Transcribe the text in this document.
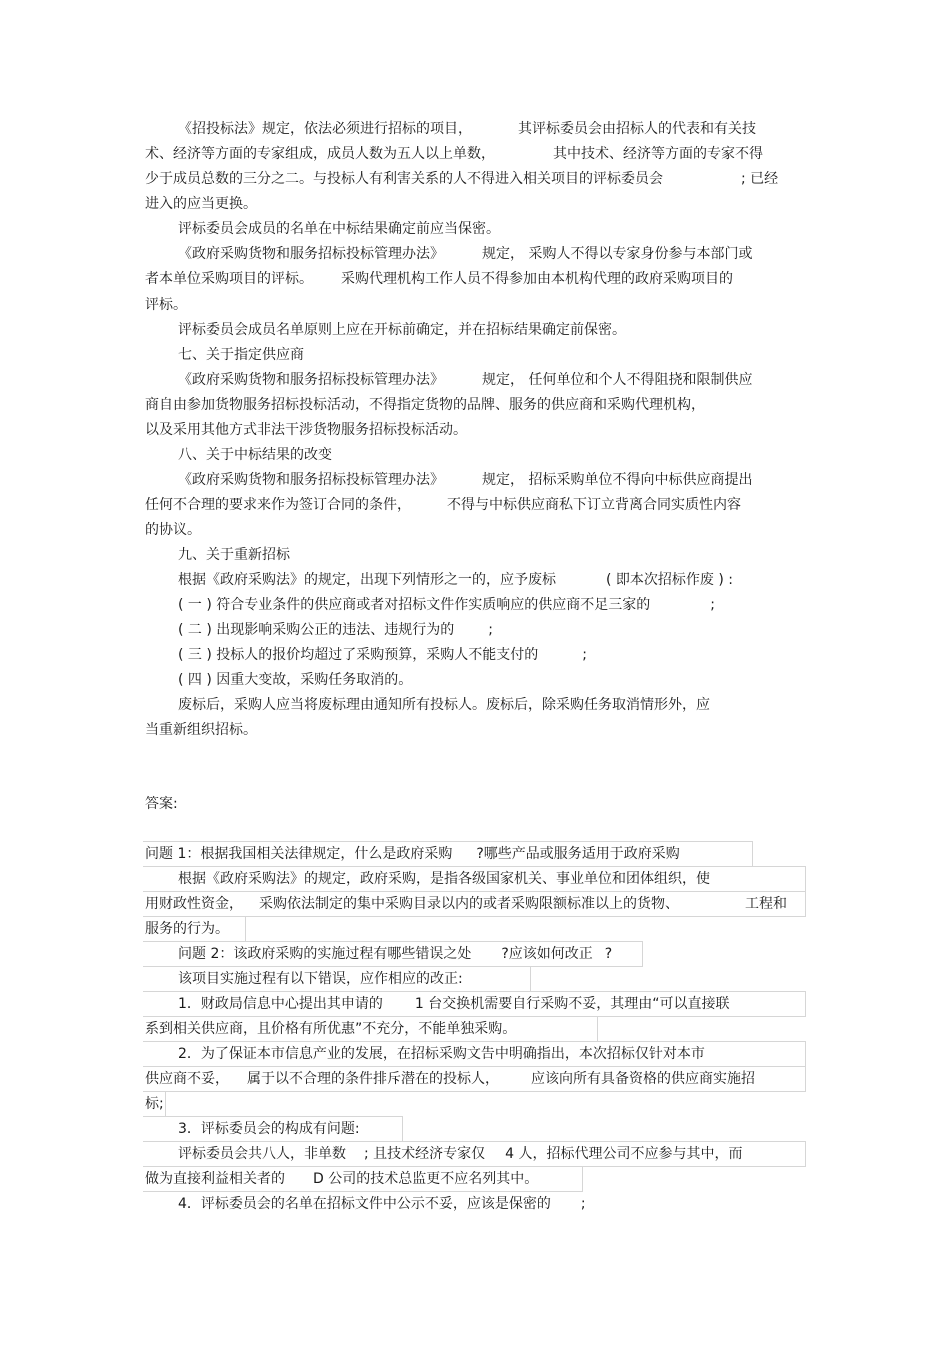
《招投标法》规定，依法必须进行招标的项目，	其评标委员会由招标人的代表和有关技
术、经济等方面的专家组成，成员人数为五人以上单数，	其中技术、经济等方面的专家不得
少于成员总数的三分之二。与投标人有利害关系的人不得进入相关项目的评标委员会	; 已经
进入的应当更换。
评标委员会成员的名单在中标结果确定前应当保密。
《政府采购货物和服务招标投标管理办法》	规定， 采购人不得以专家身份参与本部门或
者本单位采购项目的评标。 采购代理机构工作人员不得参加由本机构代理的政府采购项目的
评标。
评标委员会成员名单原则上应在开标前确定，并在招标结果确定前保密。
七、关于指定供应商
《政府采购货物和服务招标投标管理办法》	规定， 任何单位和个人不得阻挠和限制供应
商自由参加货物服务招标投标活动，不得指定货物的品牌、服务的供应商和采购代理机构，
以及采用其他方式非法干涉货物服务招标投标活动。
八、关于中标结果的改变
《政府采购货物和服务招标投标管理办法》	规定， 招标采购单位不得向中标供应商提出
任何不合理的要求来作为签订合同的条件，	不得与中标供应商私下订立背离合同实质性内容
的协议。
九、关于重新招标
根据《政府采购法》的规定，出现下列情形之一的，应予废标	( 即本次招标作废 ) :
( 一 ) 符合专业条件的供应商或者对招标文件作实质响应的供应商不足三家的	;
( 二 ) 出现影响采购公正的违法、违规行为的 ;
( 三 ) 投标人的报价均超过了采购预算，采购人不能支付的	;
( 四 ) 因重大变故，采购任务取消的。
废标后，采购人应当将废标理由通知所有投标人。废标后，除采购任务取消情形外，应
当重新组织招标。
答案:
问题 1：根据我国相关法律规定，什么是政府采购 ?哪些产品或服务适用于政府采购
根据《政府采购法》的规定，政府采购，是指各级国家机关、事业单位和团体组织，使
用财政性资金， 采购依法制定的集中采购目录以内的或者采购限额标准以上的货物、	工程和
服务的行为。
问题 2：该政府采购的实施过程有哪些错误之处 ?应该如何改正 ?
该项目实施过程有以下错误，应作相应的改正:
1．财政局信息中心提出其申请的 1 台交换机需要自行采购不妥，其理由“可以直接联
系到相关供应商，且价格有所优惠”不充分，不能单独采购。
2．为了保证本市信息产业的发展，在招标采购文告中明确指出，本次招标仅针对本市
供应商不妥， 属于以不合理的条件排斥潜在的投标人， 应该向所有具备资格的供应商实施招
标;
3．评标委员会的构成有问题:
评标委员会共八人，非单数 ; 且技术经济专家仅 4 人，招标代理公司不应参与其中，而
做为直接利益相关者的 D 公司的技术总监更不应名列其中。
4．评标委员会的名单在招标文件中公示不妥，应该是保密的 ;
